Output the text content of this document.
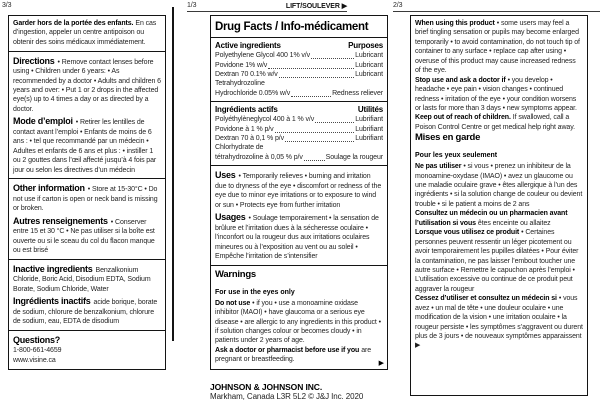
3/3	1/3	LIFT/SOULEVER ▶	2/3

Garder hors de la portée des enfants. En cas d’ingestion, appeler un centre antipoison ou obtenir des soins médicaux immédiatement.

Directions • Remove contact lenses before using • Children under 6 years: • As recommended by a doctor • Adults and children 6 years and over: • Put 1 or 2 drops in the affected eye(s) up to 4 times a day or as directed by a doctor.

Mode d’emploi • Retirer les lentilles de contact avant l’emploi • Enfants de moins de 6 ans : • tel que recommandé par un médecin • Adultes et enfants de 6 ans et plus : • instiller 1 ou 2 gouttes dans l’œil affecté jusqu’à 4 fois par jour ou selon les directives d’un médecin

Other information • Store at 15-30°C • Do not use if carton is open or neck band is missing or broken.

Autres renseignements • Conserver entre 15 et 30 °C • Ne pas utiliser si la boîte est ouverte ou si le sceau du col du flacon manque ou est brisé

Inactive ingredients Benzalkonium Chloride, Boric Acid, Disodium EDTA, Sodium Borate, Sodium Chloride, Water

Ingrédients inactifs acide borique, borate de sodium, chlorure de benzalkonium, chlorure de sodium, eau, EDTA de disodium

Questions?

1-800-661-4659

www.visine.ca

Drug Facts / Info-médicament
Active ingredients	Purposes
Polyethylene Glycol 400 1% v/v	Lubricant
Povidone 1% w/v	Lubricant
Dextran 70 0.1% w/v	Lubricant
Tetrahydrozoline
Hydrochloride 0.05% w/v	Redness reliever
Ingrédients actifs	Utilités
Polyéthylèneglycol 400 à 1 % v/v	Lubrifiant
Povidone à 1 % p/v	Lubrifiant
Dextran 70 à 0,1 % p/v	Lubrifiant
Chlorhydrate de
tétrahydrozoline à 0,05 % p/v	Soulage la rougeur

Uses • Temporarily relieves • burning and irritation due to dryness of the eye • discomfort or redness of the eye due to minor eye irritations or to exposure to wind or sun • Protects eye from further irritation

Usages • Soulage temporairement • la sensation de brûlure et l’irritation dues à la sécheresse oculaire • l’inconfort ou la rougeur dus aux irritations oculaires mineures ou à l’exposition au vent ou au soleil • Empêche l’irritation de s’intensifier

Warnings
For use in the eyes only

Do not use • if you • use a monoamine oxidase inhibitor (MAOI) • have glaucoma or a serious eye disease • are allergic to any ingredients in this product • if solution changes colour or becomes cloudy • in patients under 2 years of age.

Ask a doctor or pharmacist before use if you are pregnant or breastfeeding.	▶
JOHNSON & JOHNSON INC.
Markham, Canada L3R 5L2 © J&J Inc. 2020

When using this product • some users may feel a brief tingling sensation or pupils may become enlarged temporarily • to avoid contamination, do not touch tip of container to any surface • replace cap after using • overuse of this product may cause increased redness of the eye.

Stop use and ask a doctor if • you develop • headache • eye pain • vision changes • continued redness • irritation of the eye • your condition worsens or lasts for more than 3 days • new symptoms appear.

Keep out of reach of children. If swallowed, call a Poison Control Centre or get medical help right away.

Mises en garde
Pour les yeux seulement

Ne pas utiliser • si vous • prenez un inhibiteur de la monoamine-oxydase (IMAO) • avez un glaucome ou une maladie oculaire grave • êtes allergique à l’un des ingrédients • si la solution change de couleur ou devient trouble • si le patient a moins de 2 ans

Consultez un médecin ou un pharmacien avant l’utilisation si vous êtes enceinte ou allaitez

Lorsque vous utilisez ce produit • Certaines personnes peuvent ressentir un léger picotement ou avoir temporairement les pupilles dilatées • Pour éviter la contamination, ne pas laisser l’embout toucher une autre surface • Remettre le capuchon après l’emploi • L’utilisation excessive ou continue de ce produit peut aggraver la rougeur

Cessez d’utiliser et consultez un médecin si • vous avez • un mal de tête • une douleur oculaire • une modification de la vision • une irritation oculaire • la rougeur persiste • les symptômes s’aggravent ou durent plus de 3 jours • de nouveaux symptômes apparaissent ▶
